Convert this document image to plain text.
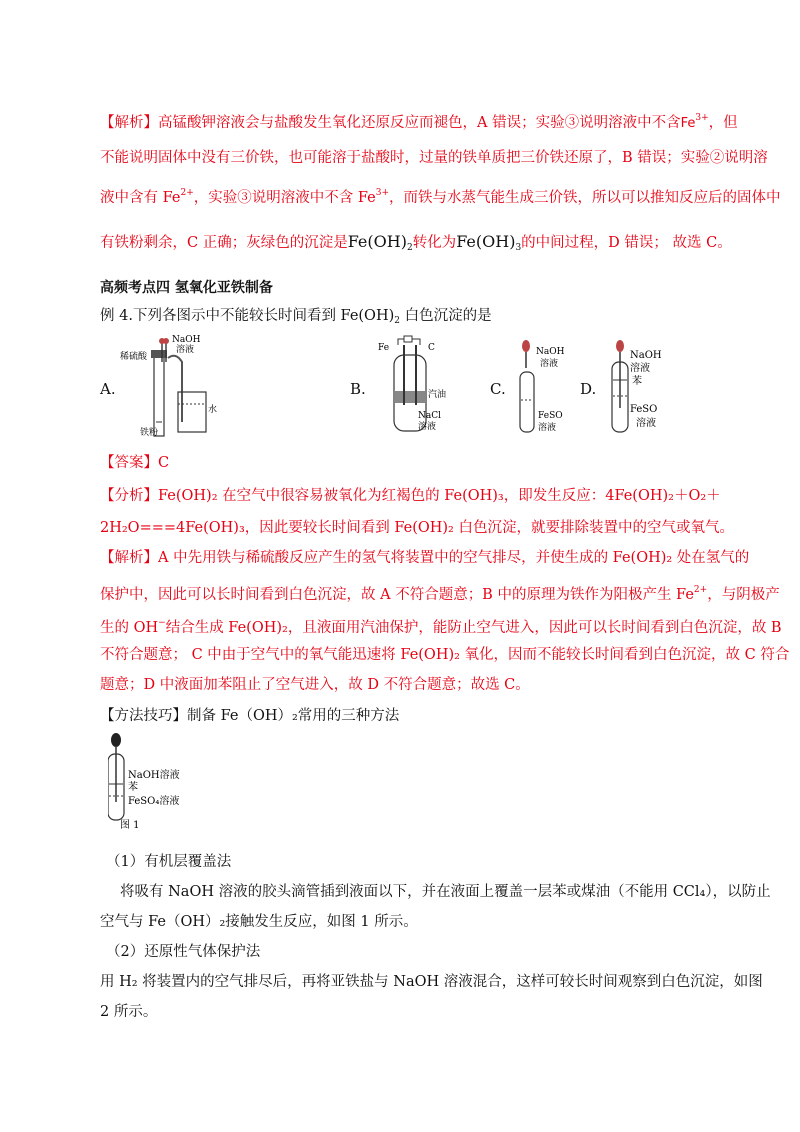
【解析】高锰酸钾溶液会与盐酸发生氧化还原反应而褪色，A 错误；实验③说明溶液中不含$Fe^{3+}$，但
不能说明固体中没有三价铁，也可能溶于盐酸时，过量的铁单质把三价铁还原了，B 错误；实验②说明溶
液中含有 $Fe^{2+}$，实验③说明溶液中不含 $Fe^{3+}$，而铁与水蒸气能生成三价铁，所以可以推知反应后的固体中
有铁粉剩余，C 正确；灰绿色的沉淀是$Fe(OH)_2$转化为$Fe(OH)_3$的中间过程，D 错误； 故选 C。
高频考点四 氢氧化亚铁制备
例 4.下列各图示中不能较长时间看到 $Fe(OH)_2$ 白色沉淀的是
A.
NaOH
溶液
稀硫酸
水
铁粉
B.
Fe	C
汽油
NaCl
溶液
C.
NaOH
溶液
FeSO
溶液
D.
NaOH
溶液
苯
FeSO
溶液
【答案】C
【分析】Fe(OH)₂ 在空气中很容易被氧化为红褐色的 Fe(OH)₃，即发生反应：4Fe(OH)₂＋O₂＋
2H₂O===4Fe(OH)₃，因此要较长时间看到 Fe(OH)₂ 白色沉淀，就要排除装置中的空气或氧气。
【解析】A 中先用铁与稀硫酸反应产生的氢气将装置中的空气排尽，并使生成的 Fe(OH)₂ 处在氢气的
保护中，因此可以长时间看到白色沉淀，故 A 不符合题意；B 中的原理为铁作为阳极产生 $Fe^{2+}$，与阴极产
生的 OH−结合生成 Fe(OH)₂，且液面用汽油保护，能防止空气进入，因此可以长时间看到白色沉淀，故 B
不符合题意； C 中由于空气中的氧气能迅速将 Fe(OH)₂ 氧化，因而不能较长时间看到白色沉淀，故 C 符合
题意；D 中液面加苯阻止了空气进入，故 D 不符合题意；故选 C。
【方法技巧】制备 Fe（OH）₂常用的三种方法
NaOH溶液
苯
FeSO₄溶液
图 1
（1）有机层覆盖法
将吸有 NaOH 溶液的胶头滴管插到液面以下，并在液面上覆盖一层苯或煤油（不能用 CCl₄），以防止
空气与 Fe（OH）₂接触发生反应，如图 1 所示。
（2）还原性气体保护法
用 H₂ 将装置内的空气排尽后，再将亚铁盐与 NaOH 溶液混合，这样可较长时间观察到白色沉淀，如图
2 所示。
